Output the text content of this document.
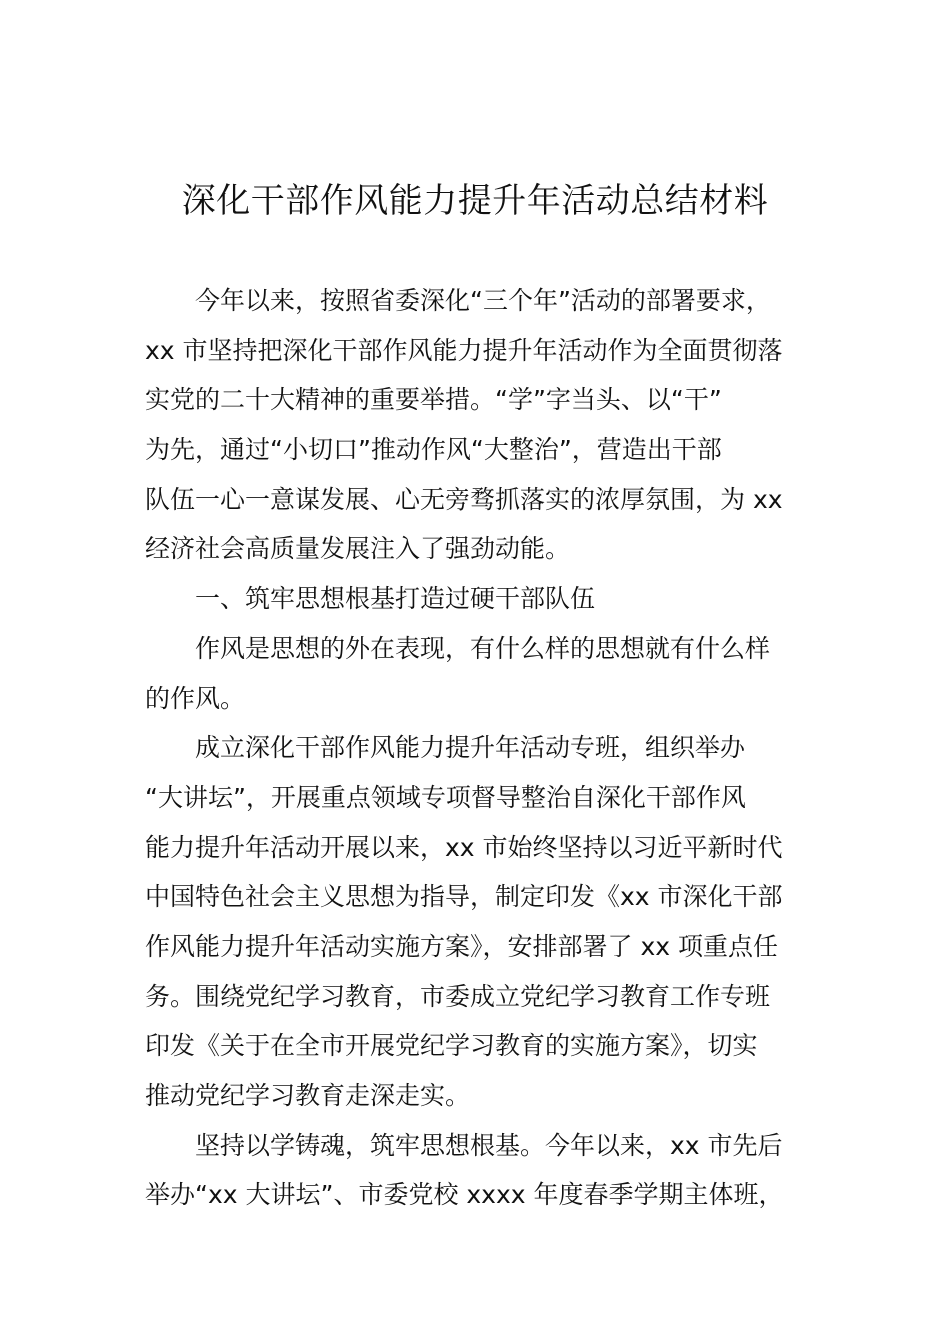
深化干部作风能力提升年活动总结材料
今年以来，按照省委深化“三个年”活动的部署要求，
xx 市坚持把深化干部作风能力提升年活动作为全面贯彻落
实党的二十大精神的重要举措。“学”字当头、以“干”
为先，通过“小切口”推动作风“大整治”，营造出干部
队伍一心一意谋发展、心无旁骛抓落实的浓厚氛围，为 xx
经济社会高质量发展注入了强劲动能。
一、筑牢思想根基打造过硬干部队伍
作风是思想的外在表现，有什么样的思想就有什么样
的作风。
成立深化干部作风能力提升年活动专班，组织举办
“大讲坛”，开展重点领域专项督导整治自深化干部作风
能力提升年活动开展以来，xx 市始终坚持以习近平新时代
中国特色社会主义思想为指导，制定印发《xx 市深化干部
作风能力提升年活动实施方案》，安排部署了 xx 项重点任
务。围绕党纪学习教育，市委成立党纪学习教育工作专班
印发《关于在全市开展党纪学习教育的实施方案》，切实
推动党纪学习教育走深走实。
坚持以学铸魂，筑牢思想根基。今年以来，xx 市先后
举办“xx 大讲坛”、市委党校 xxxx 年度春季学期主体班，
